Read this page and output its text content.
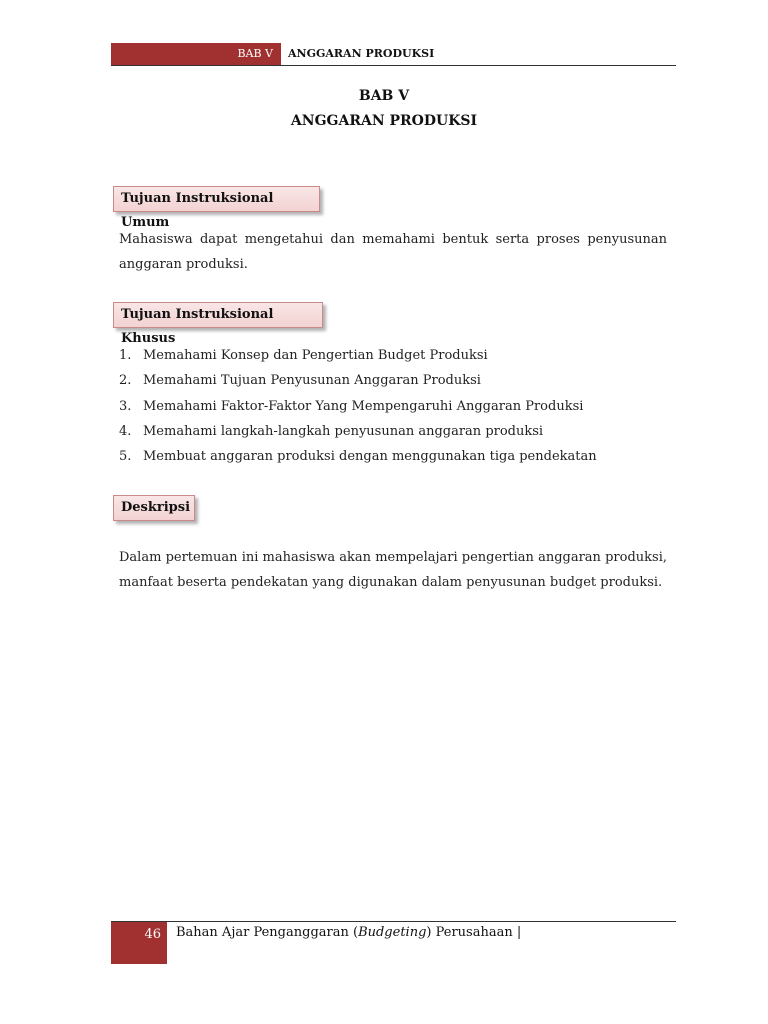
BAB V	ANGGARAN PRODUKSI
BAB V
ANGGARAN PRODUKSI
Tujuan Instruksional Umum
Mahasiswa dapat mengetahui dan memahami bentuk serta proses penyusunan anggaran produksi.
Tujuan Instruksional Khusus
1. Memahami Konsep dan Pengertian Budget Produksi
2. Memahami Tujuan Penyusunan Anggaran Produksi
3. Memahami Faktor-Faktor Yang Mempengaruhi Anggaran Produksi
4. Memahami langkah-langkah penyusunan anggaran produksi
5. Membuat anggaran produksi dengan menggunakan tiga pendekatan
Deskripsi
Dalam pertemuan ini mahasiswa akan mempelajari pengertian anggaran produksi, manfaat beserta pendekatan yang digunakan dalam penyusunan budget produksi.
46	Bahan Ajar Penganggaran (Budgeting) Perusahaan |
